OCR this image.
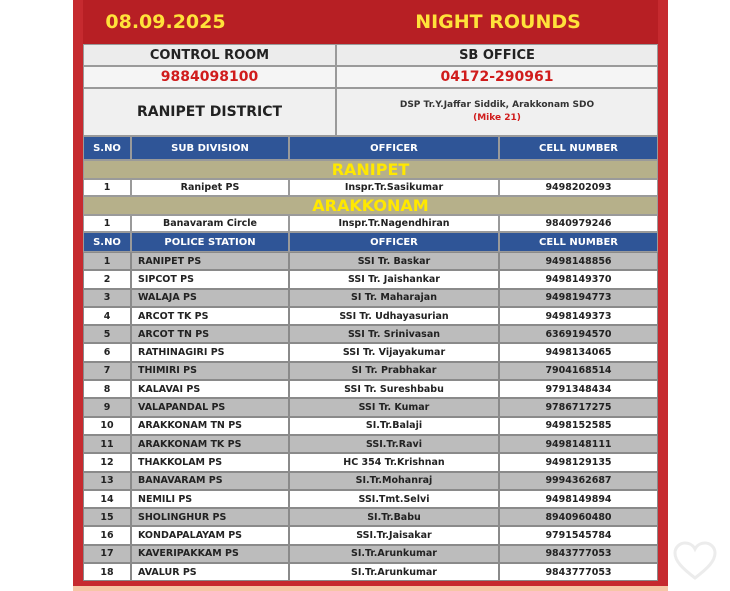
08.09.2025	NIGHT ROUNDS
CONTROL ROOM	SB OFFICE
9884098100	04172-290961
RANIPET DISTRICT	DSP Tr.Y.Jaffar Siddik, Arakkonam SDO
(Mike 21)
S.NO	SUB DIVISION	OFFICER	CELL NUMBER
RANIPET
1	Ranipet PS	Inspr.Tr.Sasikumar	9498202093
ARAKKONAM
1	Banavaram Circle	Inspr.Tr.Nagendhiran	9840979246
S.NO	POLICE STATION	OFFICER	CELL NUMBER
1	RANIPET PS	SSI Tr. Baskar	9498148856
2	SIPCOT PS	SSI Tr. Jaishankar	9498149370
3	WALAJA PS	SI Tr. Maharajan	9498194773
4	ARCOT TK PS	SSI Tr. Udhayasurian	9498149373
5	ARCOT TN PS	SSI Tr. Srinivasan	6369194570
6	RATHINAGIRI PS	SSI Tr. Vijayakumar	9498134065
7	THIMIRI PS	SI Tr. Prabhakar	7904168514
8	KALAVAI PS	SSI Tr. Sureshbabu	9791348434
9	VALAPANDAL PS	SSI Tr. Kumar	9786717275
10	ARAKKONAM TN PS	SI.Tr.Balaji	9498152585
11	ARAKKONAM TK PS	SSI.Tr.Ravi	9498148111
12	THAKKOLAM PS	HC 354 Tr.Krishnan	9498129135
13	BANAVARAM PS	SI.Tr.Mohanraj	9994362687
14	NEMILI PS	SSI.Tmt.Selvi	9498149894
15	SHOLINGHUR PS	SI.Tr.Babu	8940960480
16	KONDAPALAYAM PS	SSI.Tr.Jaisakar	9791545784
17	KAVERIPAKKAM PS	SI.Tr.Arunkumar	9843777053
18	AVALUR PS	SI.Tr.Arunkumar	9843777053
